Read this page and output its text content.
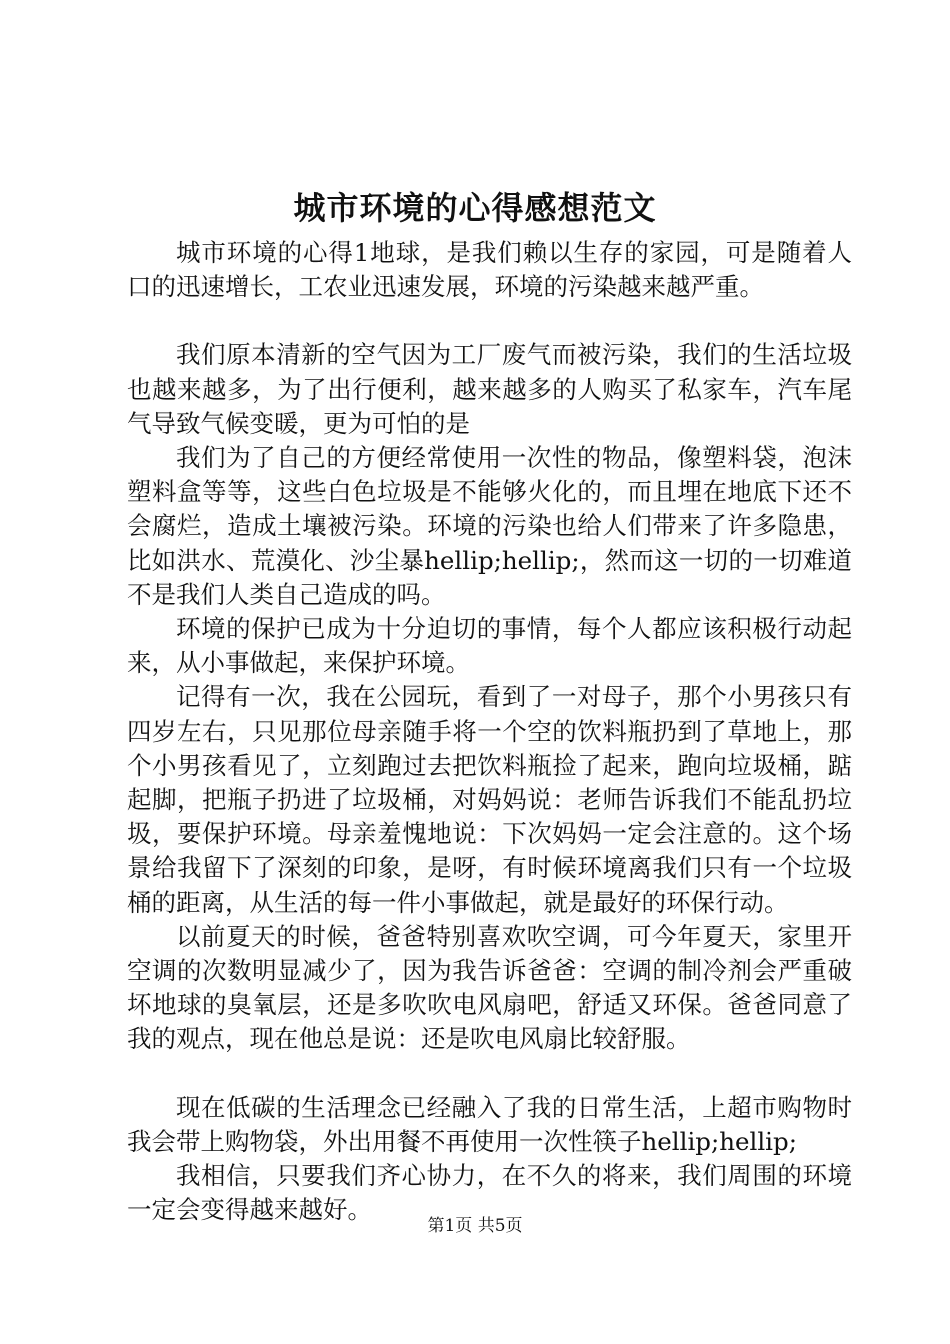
城市环境的心得感想范文

城市环境的心得1地球，是我们赖以生存的家园，可是随着人口的迅速增长，工农业迅速发展，环境的污染越来越严重。

我们原本清新的空气因为工厂废气而被污染，我们的生活垃圾也越来越多，为了出行便利，越来越多的人购买了私家车，汽车尾气导致气候变暖，更为可怕的是

我们为了自己的方便经常使用一次性的物品，像塑料袋，泡沫塑料盒等等，这些白色垃圾是不能够火化的，而且埋在地底下还不会腐烂，造成土壤被污染。环境的污染也给人们带来了许多隐患，比如洪水、荒漠化、沙尘暴hellip;hellip;，然而这一切的一切难道不是我们人类自己造成的吗。

环境的保护已成为十分迫切的事情，每个人都应该积极行动起来，从小事做起，来保护环境。

记得有一次，我在公园玩，看到了一对母子，那个小男孩只有四岁左右，只见那位母亲随手将一个空的饮料瓶扔到了草地上，那个小男孩看见了，立刻跑过去把饮料瓶捡了起来，跑向垃圾桶，踮起脚，把瓶子扔进了垃圾桶，对妈妈说：老师告诉我们不能乱扔垃圾，要保护环境。母亲羞愧地说：下次妈妈一定会注意的。这个场景给我留下了深刻的印象，是呀，有时候环境离我们只有一个垃圾桶的距离，从生活的每一件小事做起，就是最好的环保行动。

以前夏天的时候，爸爸特别喜欢吹空调，可今年夏天，家里开空调的次数明显减少了，因为我告诉爸爸：空调的制冷剂会严重破坏地球的臭氧层，还是多吹吹电风扇吧，舒适又环保。爸爸同意了我的观点，现在他总是说：还是吹电风扇比较舒服。

现在低碳的生活理念已经融入了我的日常生活，上超市购物时我会带上购物袋，外出用餐不再使用一次性筷子hellip;hellip;

我相信，只要我们齐心协力，在不久的将来，我们周围的环境一定会变得越来越好。

第1页 共5页
